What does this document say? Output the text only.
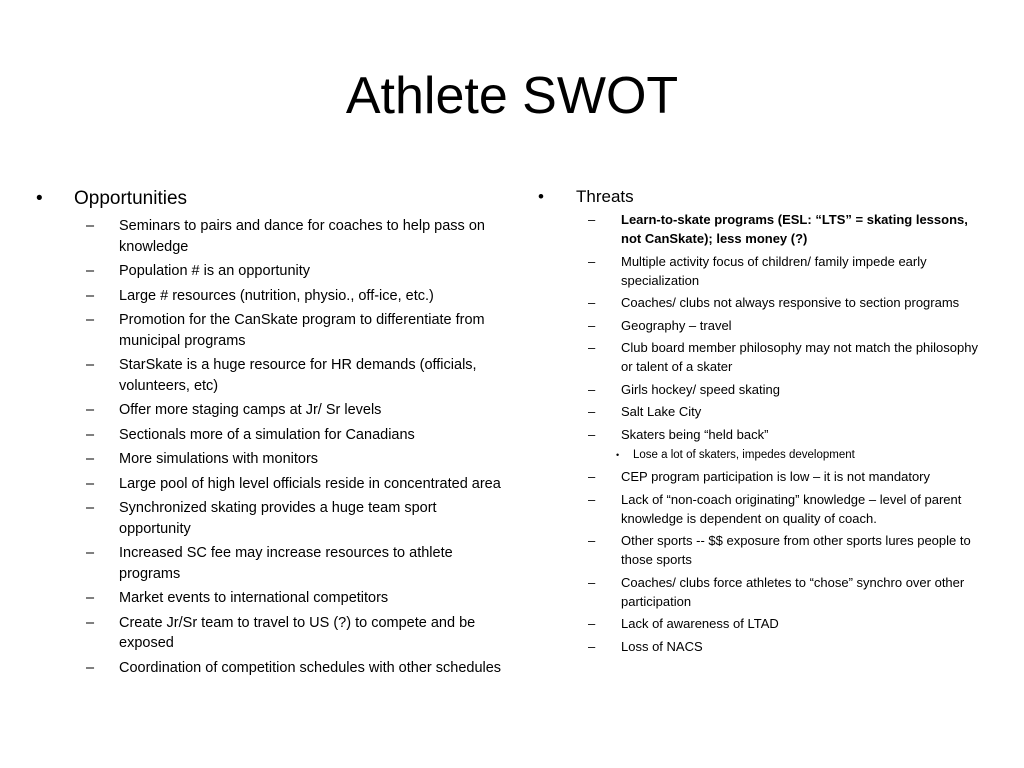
Athlete SWOT
•	Opportunities
–	Seminars to pairs and dance for coaches to help pass on knowledge
–	Population # is an opportunity
–	Large # resources (nutrition, physio., off-ice, etc.)
–	Promotion for the CanSkate program to differentiate from municipal programs
–	StarSkate is a huge resource for HR demands (officials, volunteers, etc)
–	Offer more staging camps at Jr/ Sr levels
–	Sectionals more of a simulation for Canadians
–	More simulations with monitors
–	Large pool of high level officials reside in concentrated area
–	Synchronized skating provides a huge team sport opportunity
–	Increased SC fee may increase resources to athlete programs
–	Market events to international competitors
–	Create Jr/Sr team to travel to US (?) to compete and be exposed
–	Coordination of competition schedules with other schedules
•	Threats
–	Learn-to-skate programs (ESL: “LTS” = skating lessons, not CanSkate); less money (?)
–	Multiple activity focus of children/ family impede early specialization
–	Coaches/ clubs not always responsive to section programs
–	Geography – travel
–	Club board member philosophy may not match the philosophy or talent of a skater
–	Girls hockey/ speed skating
–	Salt Lake City
–	Skaters being “held back”
•	Lose a lot of skaters, impedes development
–	CEP program participation is low – it is not mandatory
–	Lack of “non-coach originating” knowledge – level of parent knowledge is dependent on quality of coach.
–	Other sports -- $$ exposure from other sports lures people to those sports
–	Coaches/ clubs force athletes to “chose” synchro over other participation
–	Lack of awareness of LTAD
–	Loss of NACS
